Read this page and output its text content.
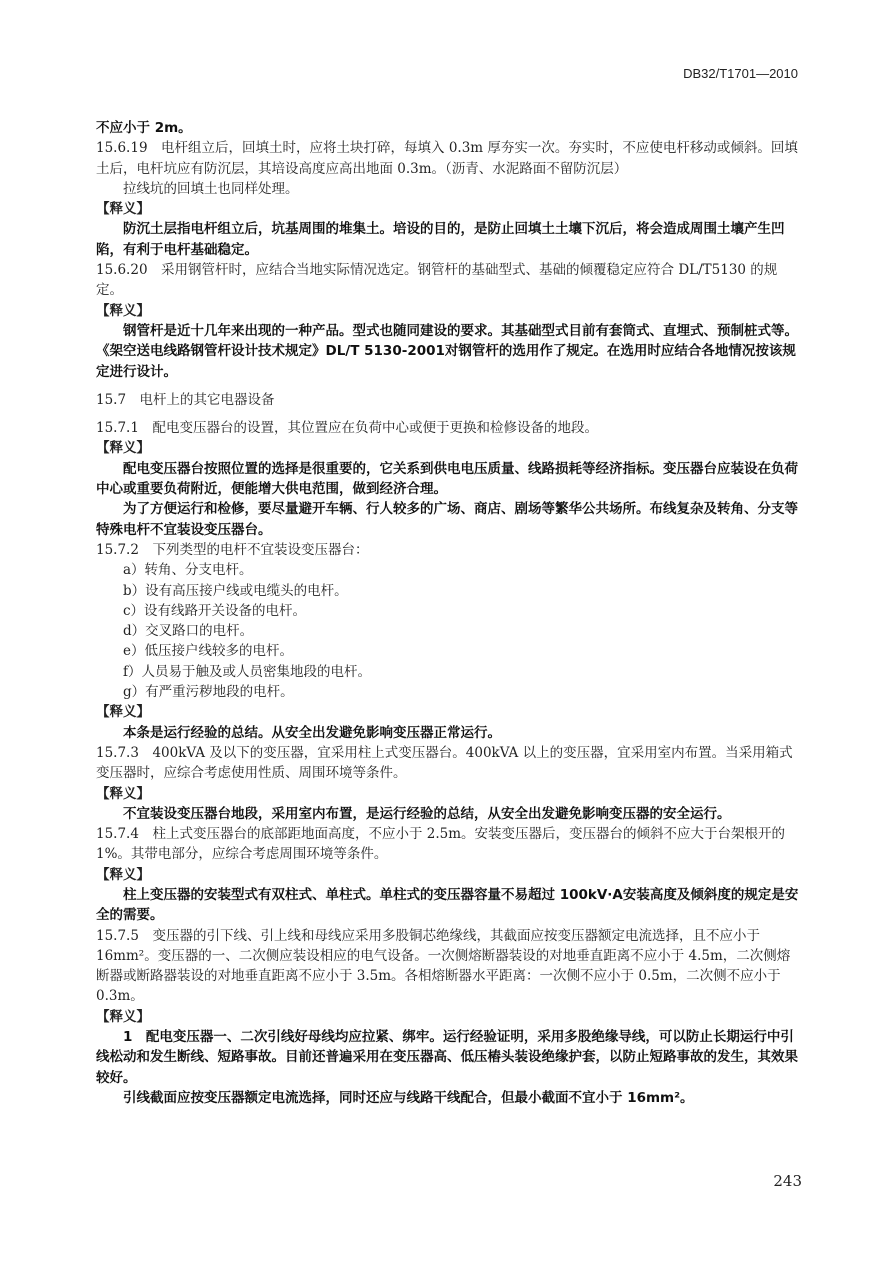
DB32/T1701—2010
不应小于 2m。
15.6.19　电杆组立后，回填土时，应将土块打碎，每填入 0.3m 厚夯实一次。夯实时，不应使电杆移动或倾斜。回填土后，电杆坑应有防沉层，其培设高度应高出地面 0.3m。（沥青、水泥路面不留防沉层）
拉线坑的回填土也同样处理。
【释义】
防沉土层指电杆组立后，坑基周围的堆集土。培设的目的，是防止回填土土壤下沉后，将会造成周围土壤产生凹陷，有利于电杆基础稳定。
15.6.20　采用钢管杆时，应结合当地实际情况选定。钢管杆的基础型式、基础的倾覆稳定应符合 DL/T5130 的规定。
【释义】
钢管杆是近十几年来出现的一种产品。型式也随同建设的要求。其基础型式目前有套筒式、直埋式、预制桩式等。《架空送电线路钢管杆设计技术规定》DL/T 5130-2001对钢管杆的选用作了规定。在选用时应结合各地情况按该规定进行设计。
15.7　电杆上的其它电器设备
15.7.1　配电变压器台的设置，其位置应在负荷中心或便于更换和检修设备的地段。
【释义】
配电变压器台按照位置的选择是很重要的，它关系到供电电压质量、线路损耗等经济指标。变压器台应装设在负荷中心或重要负荷附近，便能增大供电范围，做到经济合理。
为了方便运行和检修，要尽量避开车辆、行人较多的广场、商店、剧场等繁华公共场所。布线复杂及转角、分支等特殊电杆不宜装设变压器台。
15.7.2　下列类型的电杆不宜装设变压器台：
a）转角、分支电杆。
b）设有高压接户线或电缆头的电杆。
c）设有线路开关设备的电杆。
d）交叉路口的电杆。
e）低压接户线较多的电杆。
f）人员易于触及或人员密集地段的电杆。
g）有严重污秽地段的电杆。
【释义】
本条是运行经验的总结。从安全出发避免影响变压器正常运行。
15.7.3　400kVA 及以下的变压器，宜采用柱上式变压器台。400kVA 以上的变压器，宜采用室内布置。当采用箱式变压器时，应综合考虑使用性质、周围环境等条件。
【释义】
不宜装设变压器台地段，采用室内布置，是运行经验的总结，从安全出发避免影响变压器的安全运行。
15.7.4　柱上式变压器台的底部距地面高度，不应小于 2.5m。安装变压器后，变压器台的倾斜不应大于台架根开的 1%。其带电部分，应综合考虑周围环境等条件。
【释义】
柱上变压器的安装型式有双柱式、单柱式。单柱式的变压器容量不易超过 100kV·A安装高度及倾斜度的规定是安全的需要。
15.7.5　变压器的引下线、引上线和母线应采用多股铜芯绝缘线，其截面应按变压器额定电流选择，且不应小于 16mm²。变压器的一、二次侧应装设相应的电气设备。一次侧熔断器装设的对地垂直距离不应小于 4.5m，二次侧熔断器或断路器装设的对地垂直距离不应小于 3.5m。各相熔断器水平距离：一次侧不应小于 0.5m，二次侧不应小于 0.3m。
【释义】
1　配电变压器一、二次引线好母线均应拉紧、绑牢。运行经验证明，采用多股绝缘导线，可以防止长期运行中引线松动和发生断线、短路事故。目前还普遍采用在变压器高、低压樁头装设绝缘护套，以防止短路事故的发生，其效果较好。
引线截面应按变压器额定电流选择，同时还应与线路干线配合，但最小截面不宜小于 16mm²。
243
